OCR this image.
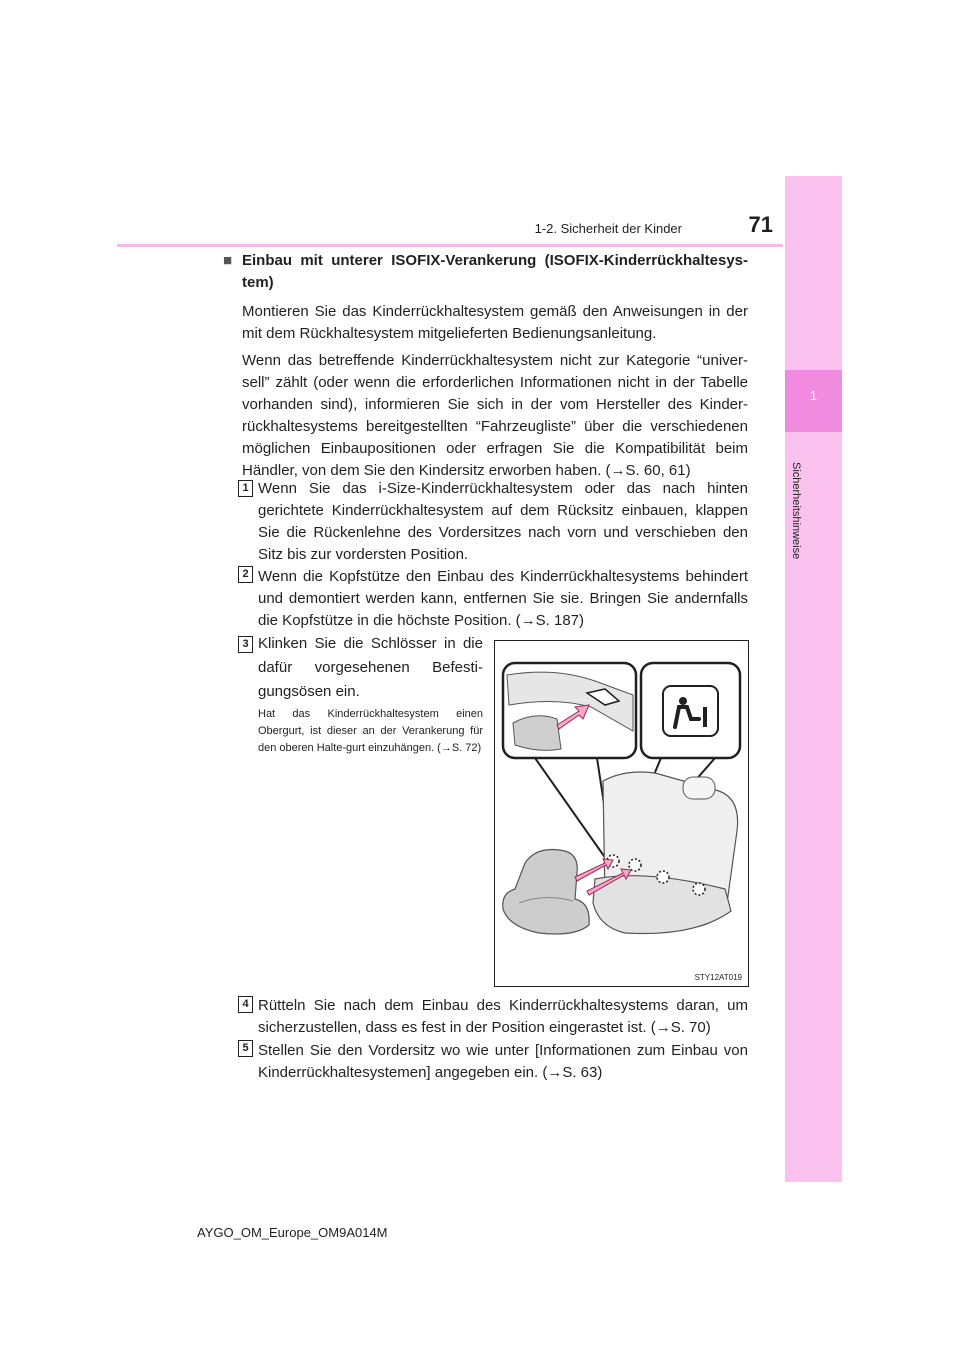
1-2. Sicherheit der Kinder	71
1
Sicherheitshinweise
■ Einbau mit unterer ISOFIX-Verankerung (ISOFIX-Kinderrückhaltesys-tem)
Montieren Sie das Kinderrückhaltesystem gemäß den Anweisungen in der mit dem Rückhaltesystem mitgelieferten Bedienungsanleitung.
Wenn das betreffende Kinderrückhaltesystem nicht zur Kategorie “univer-sell” zählt (oder wenn die erforderlichen Informationen nicht in der Tabelle vorhanden sind), informieren Sie sich in der vom Hersteller des Kinder-rückhaltesystems bereitgestellten “Fahrzeugliste” über die verschiedenen möglichen Einbaupositionen oder erfragen Sie die Kompatibilität beim Händler, von dem Sie den Kindersitz erworben haben. (→S. 60, 61)
1 Wenn Sie das i-Size-Kinderrückhaltesystem oder das nach hinten gerichtete Kinderrückhaltesystem auf dem Rücksitz einbauen, klappen Sie die Rückenlehne des Vordersitzes nach vorn und verschieben den Sitz bis zur vordersten Position.
2 Wenn die Kopfstütze den Einbau des Kinderrückhaltesystems behindert und demontiert werden kann, entfernen Sie sie. Bringen Sie andernfalls die Kopfstütze in die höchste Position. (→S. 187)
3 Klinken Sie die Schlösser in die dafür vorgesehenen Befesti-gungsösen ein.
Hat das Kinderrückhaltesystem einen Obergurt, ist dieser an der Verankerung für den oberen Halte-gurt einzuhängen. (→S. 72)
STY12AT019
4 Rütteln Sie nach dem Einbau des Kinderrückhaltesystems daran, um sicherzustellen, dass es fest in der Position eingerastet ist. (→S. 70)
5 Stellen Sie den Vordersitz wo wie unter [Informationen zum Einbau von Kinderrückhaltesystemen] angegeben ein. (→S. 63)
AYGO_OM_Europe_OM9A014M
